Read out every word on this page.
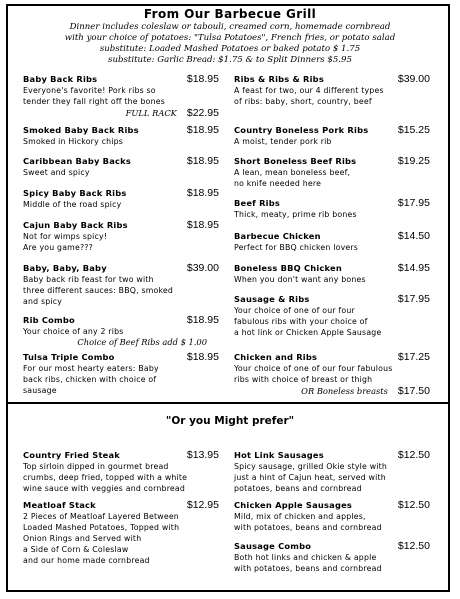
From Our Barbecue Grill
Dinner includes coleslaw or tabouli, creamed corn, homemade cornbread
with your choice of potatoes: "Tulsa Potatoes", French fries, or potato salad
substitute: Loaded Mashed Potatoes or baked potato $ 1.75
substitute: Garlic Bread: $1.75 & to Split Dinners $5.95
Baby Back Ribs	$18.95
Everyone's favorite! Pork ribs so
tender they fall right off the bones
FULL RACK $22.95
Smoked Baby Back Ribs	$18.95
Smoked in Hickory chips
Caribbean Baby Backs	$18.95
Sweet and spicy
Spicy Baby Back Ribs	$18.95
Middle of the road spicy
Cajun Baby Back Ribs	$18.95
Not for wimps spicy!
Are you game???
Baby, Baby, Baby	$39.00
Baby back rib feast for two with
three different sauces: BBQ, smoked
and spicy
Rib Combo	$18.95
Your choice of any 2 ribs
Choice of Beef Ribs add $ 1.00
Tulsa Triple Combo	$18.95
For our most hearty eaters: Baby
back ribs, chicken with choice of
sausage
Ribs & Ribs & Ribs	$39.00
A feast for two, our 4 different types
of ribs: baby, short, country, beef
Country Boneless Pork Ribs	$15.25
A moist, tender pork rib
Short Boneless Beef Ribs	$19.25
A lean, mean boneless beef,
no knife needed here
Beef Ribs	$17.95
Thick, meaty, prime rib bones
Barbecue Chicken	$14.50
Perfect for BBQ chicken lovers
Boneless BBQ Chicken	$14.95
When you don't want any bones
Sausage & Ribs	$17.95
Your choice of one of our four
fabulous ribs with your choice of
a hot link or Chicken Apple Sausage
Chicken and Ribs	$17.25
Your choice of one of our four fabulous
ribs with choice of breast or thigh
OR Boneless breasts $17.50
"Or you Might prefer"
Country Fried Steak	$13.95
Top sirloin dipped in gourmet bread
crumbs, deep fried, topped with a white
wine sauce with veggies and cornbread
Meatloaf Stack	$12.95
2 Pieces of Meatloaf Layered Between
Loaded Mashed Potatoes, Topped with
Onion Rings and Served with
a Side of Corn & Coleslaw
and our home made cornbread
Hot Link Sausages	$12.50
Spicy sausage, grilled Okie style with
just a hint of Cajun heat, served with
potatoes, beans and cornbread
Chicken Apple Sausages	$12.50
Mild, mix of chicken and apples,
with potatoes, beans and cornbread
Sausage Combo	$12.50
Both hot links and chicken & apple
with potatoes, beans and cornbread
